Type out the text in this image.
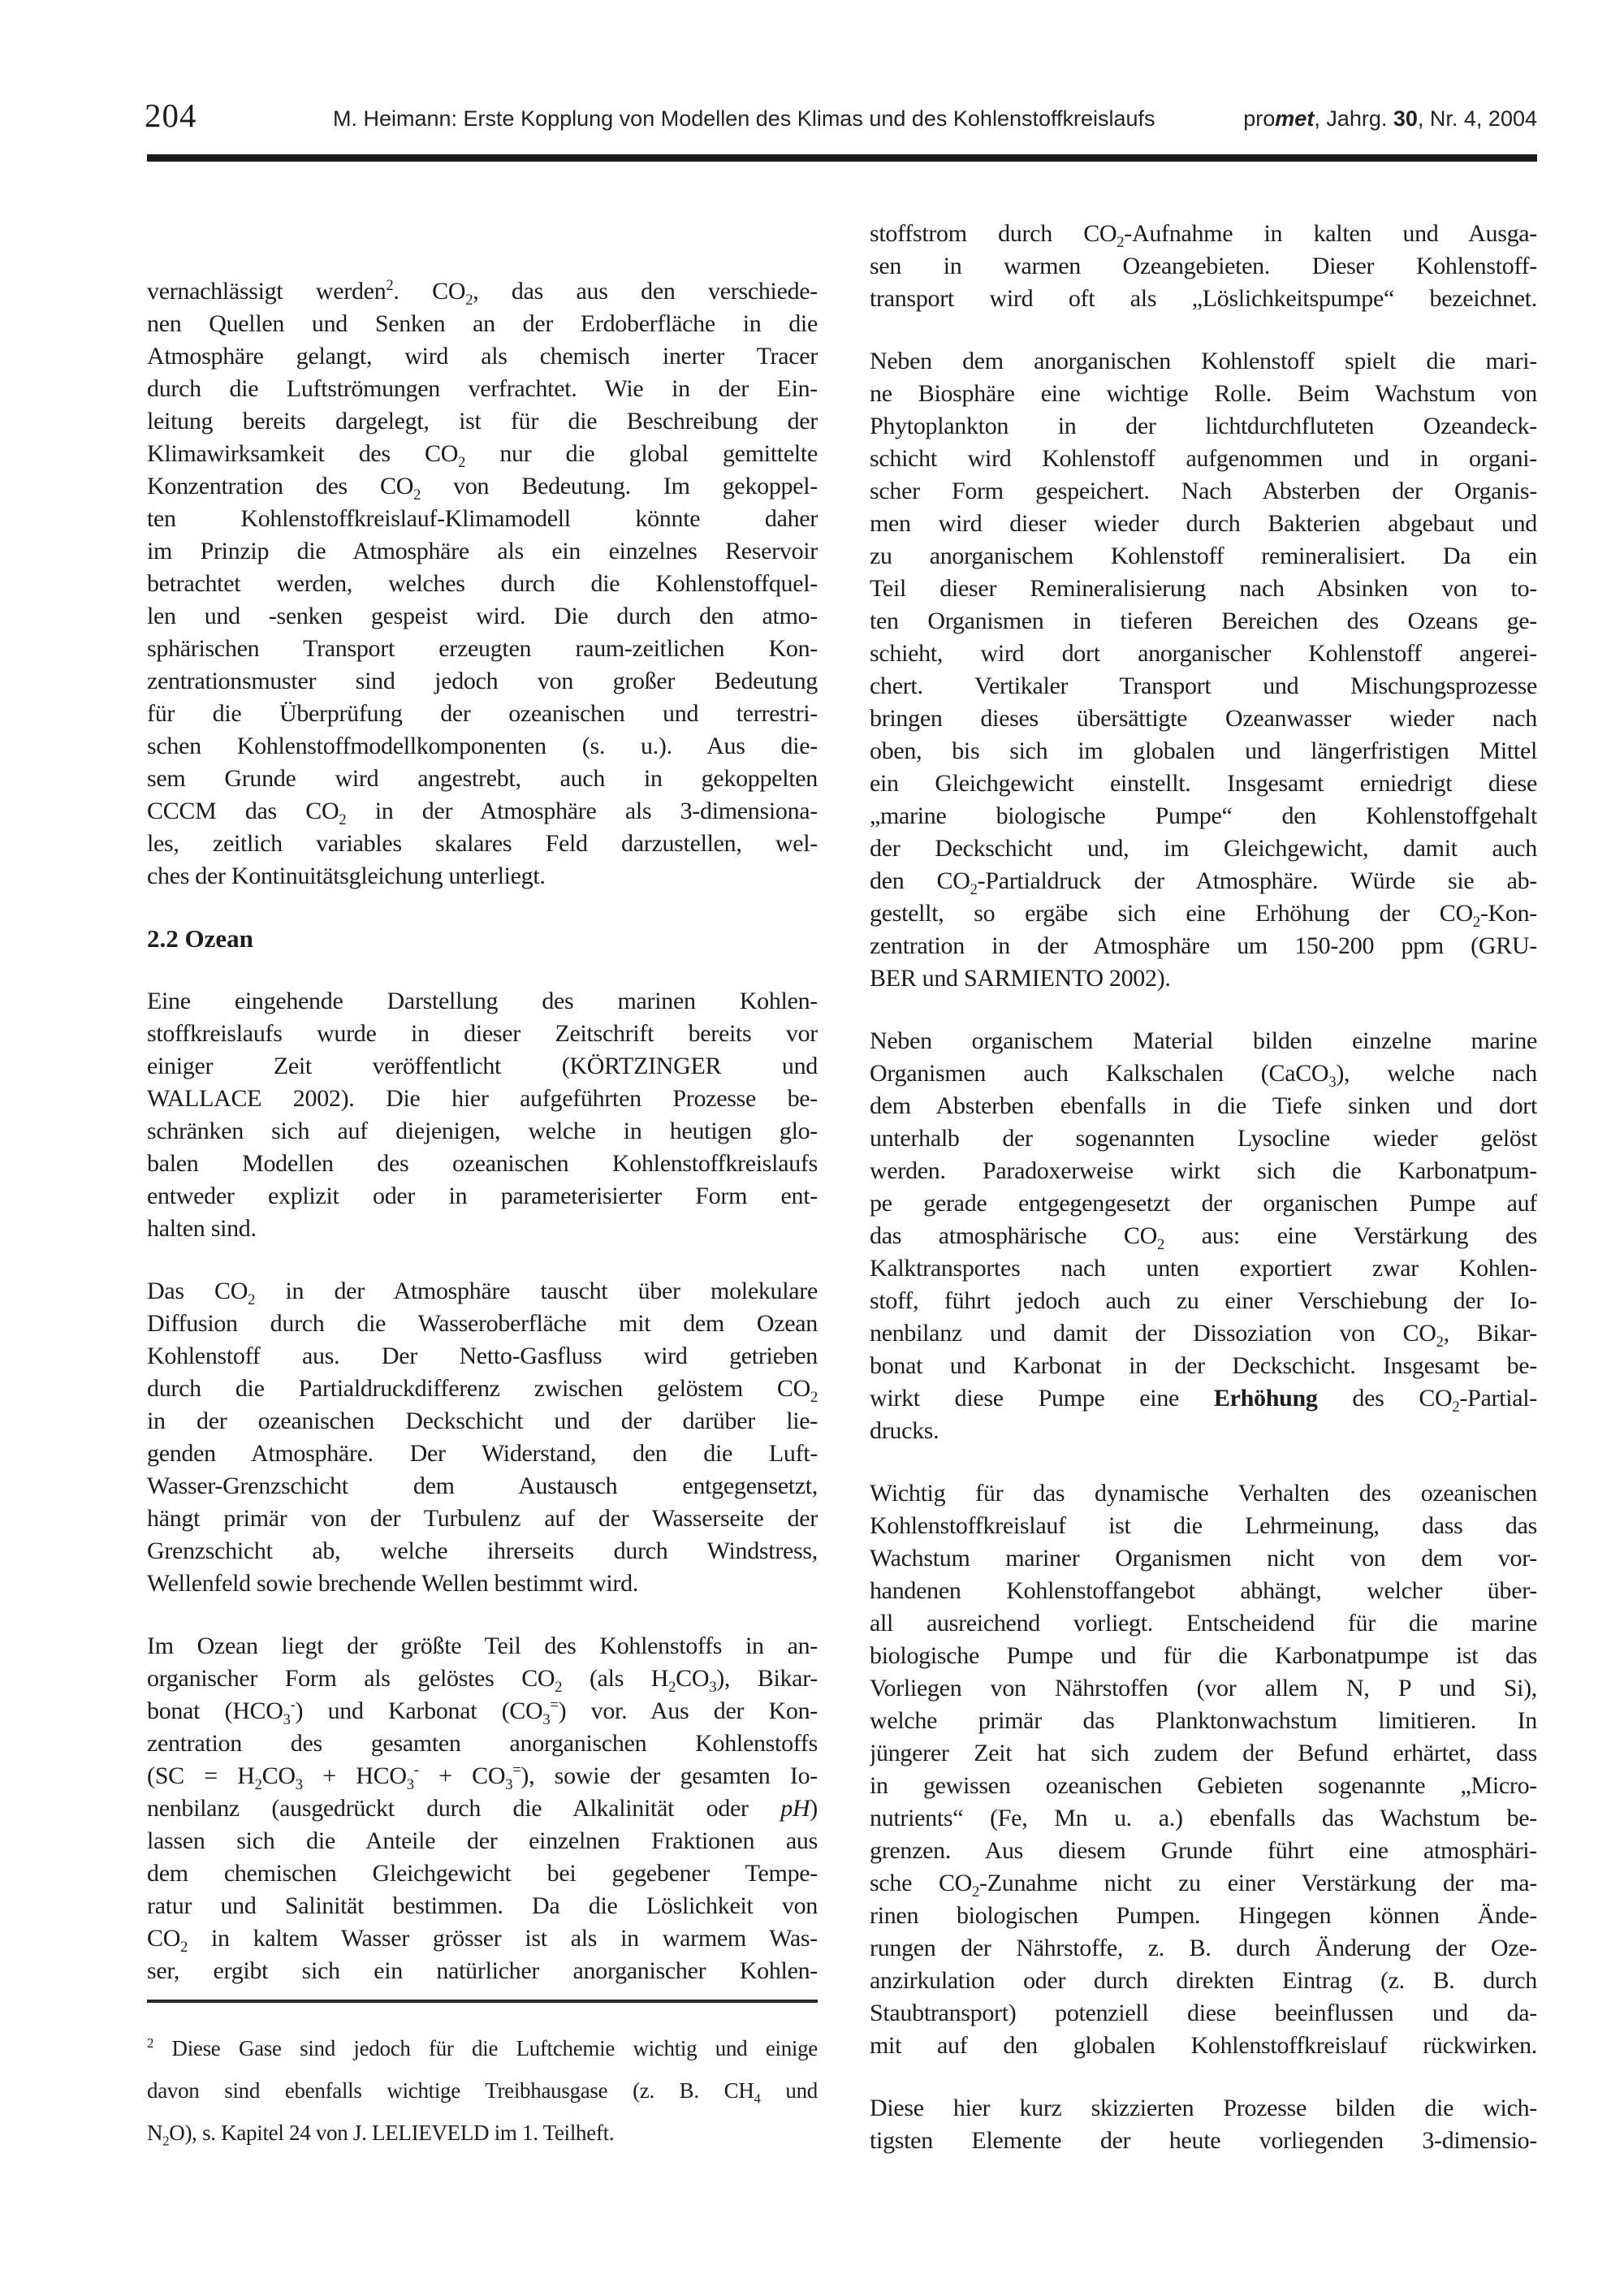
204	M. Heimann: Erste Kopplung von Modellen des Klimas und des Kohlenstoffkreislaufs	promet, Jahrg. 30, Nr. 4, 2004
vernachlässigt werden$^2$. $CO_2$, das aus den verschiede-
nen Quellen und Senken an der Erdoberfläche in die
Atmosphäre gelangt, wird als chemisch inerter Tracer
durch die Luftströmungen verfrachtet. Wie in der Ein-
leitung bereits dargelegt, ist für die Beschreibung der
Klimawirksamkeit des $CO_2$ nur die global gemittelte
Konzentration des $CO_2$ von Bedeutung. Im gekoppel-
ten Kohlenstoffkreislauf-Klimamodell könnte daher
im Prinzip die Atmosphäre als ein einzelnes Reservoir
betrachtet werden, welches durch die Kohlenstoffquel-
len und -senken gespeist wird. Die durch den atmo-
sphärischen Transport erzeugten raum-zeitlichen Kon-
zentrationsmuster sind jedoch von großer Bedeutung
für die Überprüfung der ozeanischen und terrestri-
schen Kohlenstoffmodellkomponenten (s. u.). Aus die-
sem Grunde wird angestrebt, auch in gekoppelten
CCCM das $CO_2$ in der Atmosphäre als 3-dimensiona-
les, zeitlich variables skalares Feld darzustellen, wel-
ches der Kontinuitätsgleichung unterliegt.
2.2 Ozean
Eine eingehende Darstellung des marinen Kohlen-
stoffkreislaufs wurde in dieser Zeitschrift bereits vor
einiger Zeit veröffentlicht (KÖRTZINGER und
WALLACE 2002). Die hier aufgeführten Prozesse be-
schränken sich auf diejenigen, welche in heutigen glo-
balen Modellen des ozeanischen Kohlenstoffkreislaufs
entweder explizit oder in parameterisierter Form ent-
halten sind.
Das $CO_2$ in der Atmosphäre tauscht über molekulare
Diffusion durch die Wasseroberfläche mit dem Ozean
Kohlenstoff aus. Der Netto-Gasfluss wird getrieben
durch die Partialdruckdifferenz zwischen gelöstem $CO_2$
in der ozeanischen Deckschicht und der darüber lie-
genden Atmosphäre. Der Widerstand, den die Luft-
Wasser-Grenzschicht dem Austausch entgegensetzt,
hängt primär von der Turbulenz auf der Wasserseite der
Grenzschicht ab, welche ihrerseits durch Windstress,
Wellenfeld sowie brechende Wellen bestimmt wird.
Im Ozean liegt der größte Teil des Kohlenstoffs in an-
organischer Form als gelöstes $CO_2$ (als $H_2CO_3$), Bikar-
bonat $(HCO_3^-)$ und Karbonat $(CO_3^=)$ vor. Aus der Kon-
zentration des gesamten anorganischen Kohlenstoffs
$(SC = H_2CO_3 + HCO_3^- + CO_3^=)$, sowie der gesamten Io-
nenbilanz (ausgedrückt durch die Alkalinität oder pH)
lassen sich die Anteile der einzelnen Fraktionen aus
dem chemischen Gleichgewicht bei gegebener Tempe-
ratur und Salinität bestimmen. Da die Löslichkeit von
$CO_2$ in kaltem Wasser grösser ist als in warmem Was-
ser, ergibt sich ein natürlicher anorganischer Kohlen-
stoffstrom durch $CO_2$-Aufnahme in kalten und Ausga-
sen in warmen Ozeangebieten. Dieser Kohlenstoff-
transport wird oft als „Löslichkeitspumpe“ bezeichnet.
Neben dem anorganischen Kohlenstoff spielt die mari-
ne Biosphäre eine wichtige Rolle. Beim Wachstum von
Phytoplankton in der lichtdurchfluteten Ozeandeck-
schicht wird Kohlenstoff aufgenommen und in organi-
scher Form gespeichert. Nach Absterben der Organis-
men wird dieser wieder durch Bakterien abgebaut und
zu anorganischem Kohlenstoff remineralisiert. Da ein
Teil dieser Remineralisierung nach Absinken von to-
ten Organismen in tieferen Bereichen des Ozeans ge-
schieht, wird dort anorganischer Kohlenstoff angerei-
chert. Vertikaler Transport und Mischungsprozesse
bringen dieses übersättigte Ozeanwasser wieder nach
oben, bis sich im globalen und längerfristigen Mittel
ein Gleichgewicht einstellt. Insgesamt erniedrigt diese
„marine biologische Pumpe“ den Kohlenstoffgehalt
der Deckschicht und, im Gleichgewicht, damit auch
den $CO_2$-Partialdruck der Atmosphäre. Würde sie ab-
gestellt, so ergäbe sich eine Erhöhung der $CO_2-Kon-$
zentration in der Atmosphäre um 150-200 ppm (GRU-
BER und SARMIENTO 2002).
Neben organischem Material bilden einzelne marine
Organismen auch Kalkschalen (CaCO$_3$), welche nach
dem Absterben ebenfalls in die Tiefe sinken und dort
unterhalb der sogenannten Lysocline wieder gelöst
werden. Paradoxerweise wirkt sich die Karbonatpum-
pe gerade entgegengesetzt der organischen Pumpe auf
das atmosphärische $CO_2$ aus: eine Verstärkung des
Kalktransportes nach unten exportiert zwar Kohlen-
stoff, führt jedoch auch zu einer Verschiebung der Io-
nenbilanz und damit der Dissoziation von $CO_2$, Bikar-
bonat und Karbonat in der Deckschicht. Insgesamt be-
wirkt diese Pumpe eine Erhöhung des $CO_2-Partial-$
drucks.
Wichtig für das dynamische Verhalten des ozeanischen
Kohlenstoffkreislauf ist die Lehrmeinung, dass das
Wachstum mariner Organismen nicht von dem vor-
handenen Kohlenstoffangebot abhängt, welcher über-
all ausreichend vorliegt. Entscheidend für die marine
biologische Pumpe und für die Karbonatpumpe ist das
Vorliegen von Nährstoffen (vor allem N, P und Si),
welche primär das Planktonwachstum limitieren. In
jüngerer Zeit hat sich zudem der Befund erhärtet, dass
in gewissen ozeanischen Gebieten sogenannte „Micro-
nutrients“ (Fe, Mn u. a.) ebenfalls das Wachstum be-
grenzen. Aus diesem Grunde führt eine atmosphäri-
sche $CO_2$-Zunahme nicht zu einer Verstärkung der ma-
rinen biologischen Pumpen. Hingegen können Ände-
rungen der Nährstoffe, z. B. durch Änderung der Oze-
anzirkulation oder durch direkten Eintrag (z. B. durch
Staubtransport) potenziell diese beeinflussen und da-
mit auf den globalen Kohlenstoffkreislauf rückwirken.
Diese hier kurz skizzierten Prozesse bilden die wich-
tigsten Elemente der heute vorliegenden 3-dimensio-
$^2$ Diese Gase sind jedoch für die Luftchemie wichtig und einige
davon sind ebenfalls wichtige Treibhausgase (z. B. $CH_4$ und
$N_2O$), s. Kapitel 24 von J. LELIEVELD im 1. Teilheft.
